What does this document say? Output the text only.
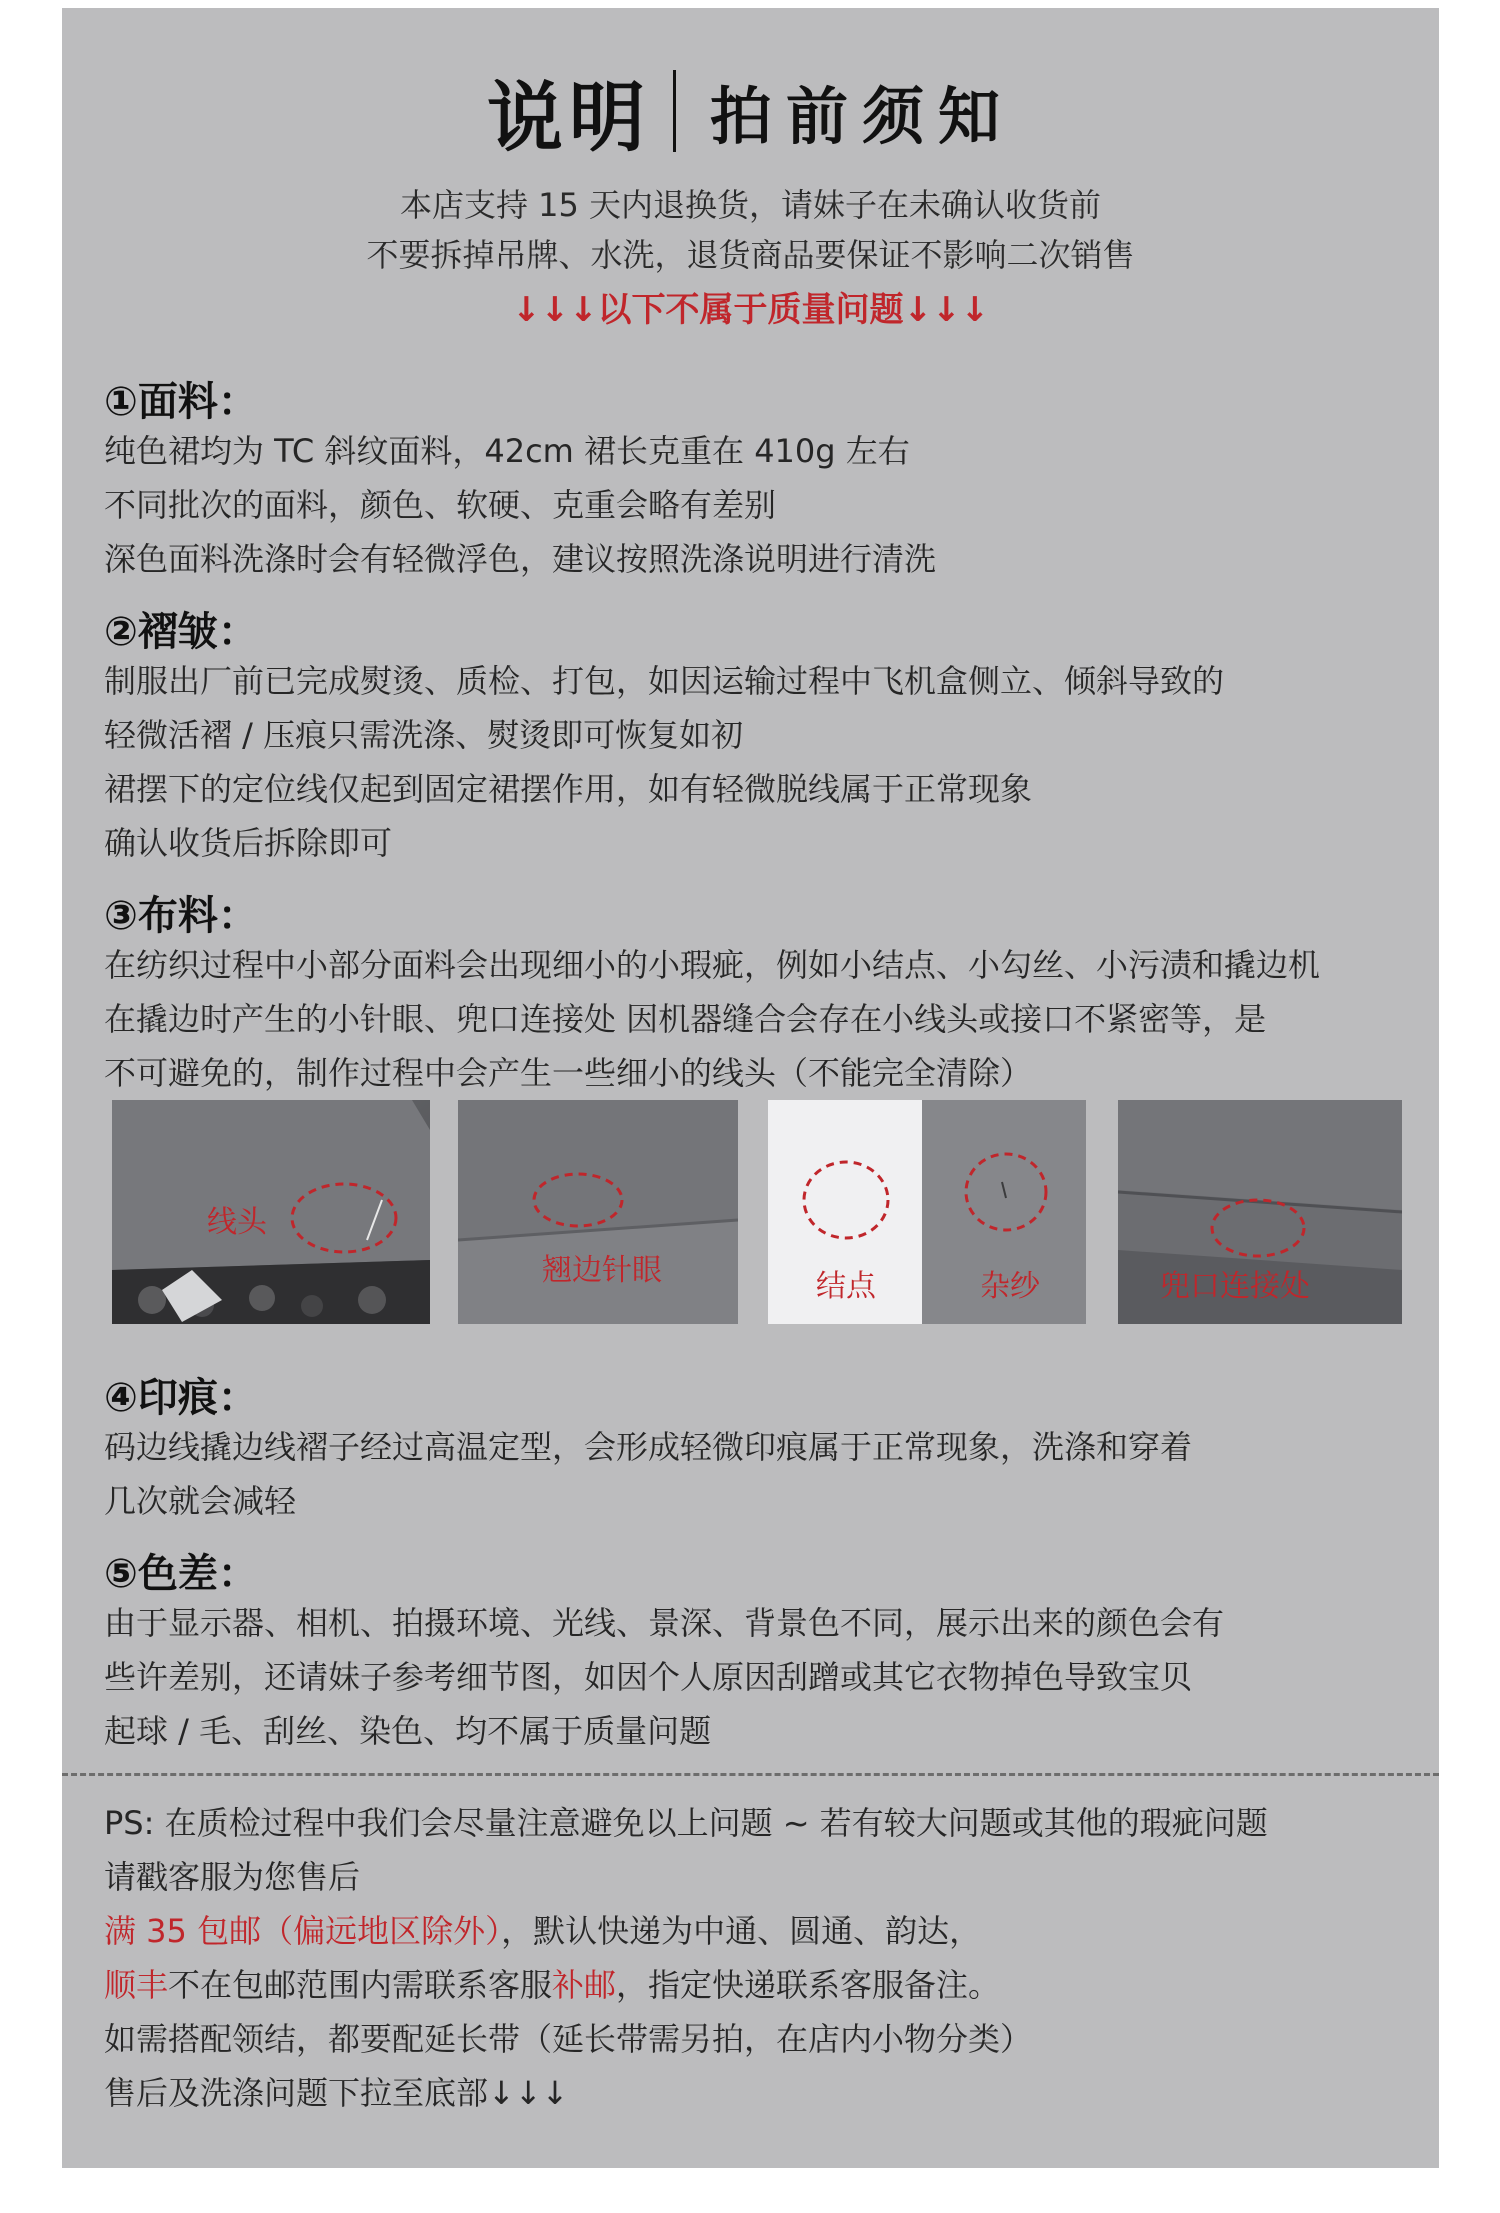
说明 拍前须知
本店支持 15 天内退换货，请妹子在未确认收货前
不要拆掉吊牌、水洗，退货商品要保证不影响二次销售
↓↓↓以下不属于质量问题↓↓↓
①面料：
纯色裙均为 TC 斜纹面料，42cm 裙长克重在 410g 左右
不同批次的面料，颜色、软硬、克重会略有差别
深色面料洗涤时会有轻微浮色，建议按照洗涤说明进行清洗
②褶皱：
制服出厂前已完成熨烫、质检、打包，如因运输过程中飞机盒侧立、倾斜导致的
轻微活褶 / 压痕只需洗涤、熨烫即可恢复如初
裙摆下的定位线仅起到固定裙摆作用，如有轻微脱线属于正常现象
确认收货后拆除即可
③布料：
在纺织过程中小部分面料会出现细小的小瑕疵，例如小结点、小勾丝、小污渍和撬边机
在撬边时产生的小针眼、兜口连接处 因机器缝合会存在小线头或接口不紧密等，是
不可避免的，制作过程中会产生一些细小的线头（不能完全清除）
线头
翘边针眼	结点	杂纱	兜口连接处
④印痕：
码边线撬边线褶子经过高温定型，会形成轻微印痕属于正常现象，洗涤和穿着
几次就会减轻
⑤色差：
由于显示器、相机、拍摄环境、光线、景深、背景色不同，展示出来的颜色会有
些许差别，还请妹子参考细节图，如因个人原因刮蹭或其它衣物掉色导致宝贝
起球 / 毛、刮丝、染色、均不属于质量问题
PS: 在质检过程中我们会尽量注意避免以上问题 ~ 若有较大问题或其他的瑕疵问题
请戳客服为您售后
满 35 包邮（偏远地区除外），默认快递为中通、圆通、韵达，
顺丰不在包邮范围内需联系客服补邮，指定快递联系客服备注。
如需搭配领结，都要配延长带（延长带需另拍，在店内小物分类）
售后及洗涤问题下拉至底部↓↓↓
